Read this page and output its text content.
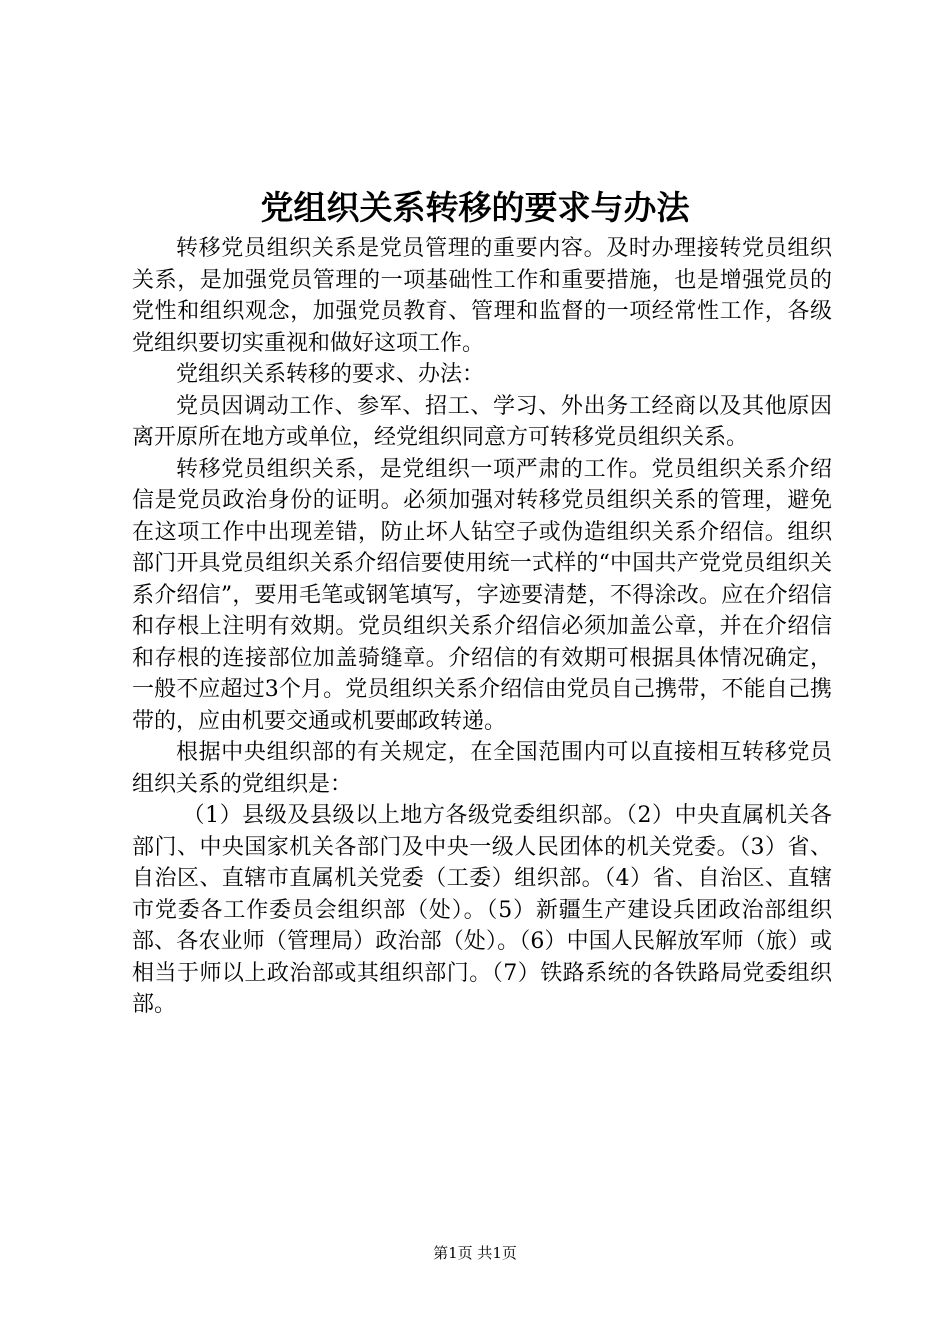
党组织关系转移的要求与办法

转移党员组织关系是党员管理的重要内容。及时办理接转党员组织关系，是加强党员管理的一项基础性工作和重要措施，也是增强党员的党性和组织观念，加强党员教育、管理和监督的一项经常性工作，各级党组织要切实重视和做好这项工作。

党组织关系转移的要求、办法：

党员因调动工作、参军、招工、学习、外出务工经商以及其他原因离开原所在地方或单位，经党组织同意方可转移党员组织关系。

转移党员组织关系，是党组织一项严肃的工作。党员组织关系介绍信是党员政治身份的证明。必须加强对转移党员组织关系的管理，避免在这项工作中出现差错，防止坏人钻空子或伪造组织关系介绍信。组织部门开具党员组织关系介绍信要使用统一式样的“中国共产党党员组织关系介绍信”，要用毛笔或钢笔填写，字迹要清楚，不得涂改。应在介绍信和存根上注明有效期。党员组织关系介绍信必须加盖公章，并在介绍信和存根的连接部位加盖骑缝章。介绍信的有效期可根据具体情况确定，一般不应超过3个月。党员组织关系介绍信由党员自己携带，不能自己携带的，应由机要交通或机要邮政转递。

根据中央组织部的有关规定，在全国范围内可以直接相互转移党员组织关系的党组织是：

（1）县级及县级以上地方各级党委组织部。（2）中央直属机关各部门、中央国家机关各部门及中央一级人民团体的机关党委。（3）省、自治区、直辖市直属机关党委（工委）组织部。（4）省、自治区、直辖市党委各工作委员会组织部（处）。（5）新疆生产建设兵团政治部组织部、各农业师（管理局）政治部（处）。（6）中国人民解放军师（旅）或相当于师以上政治部或其组织部门。（7）铁路系统的各铁路局党委组织部。

第1页 共1页
